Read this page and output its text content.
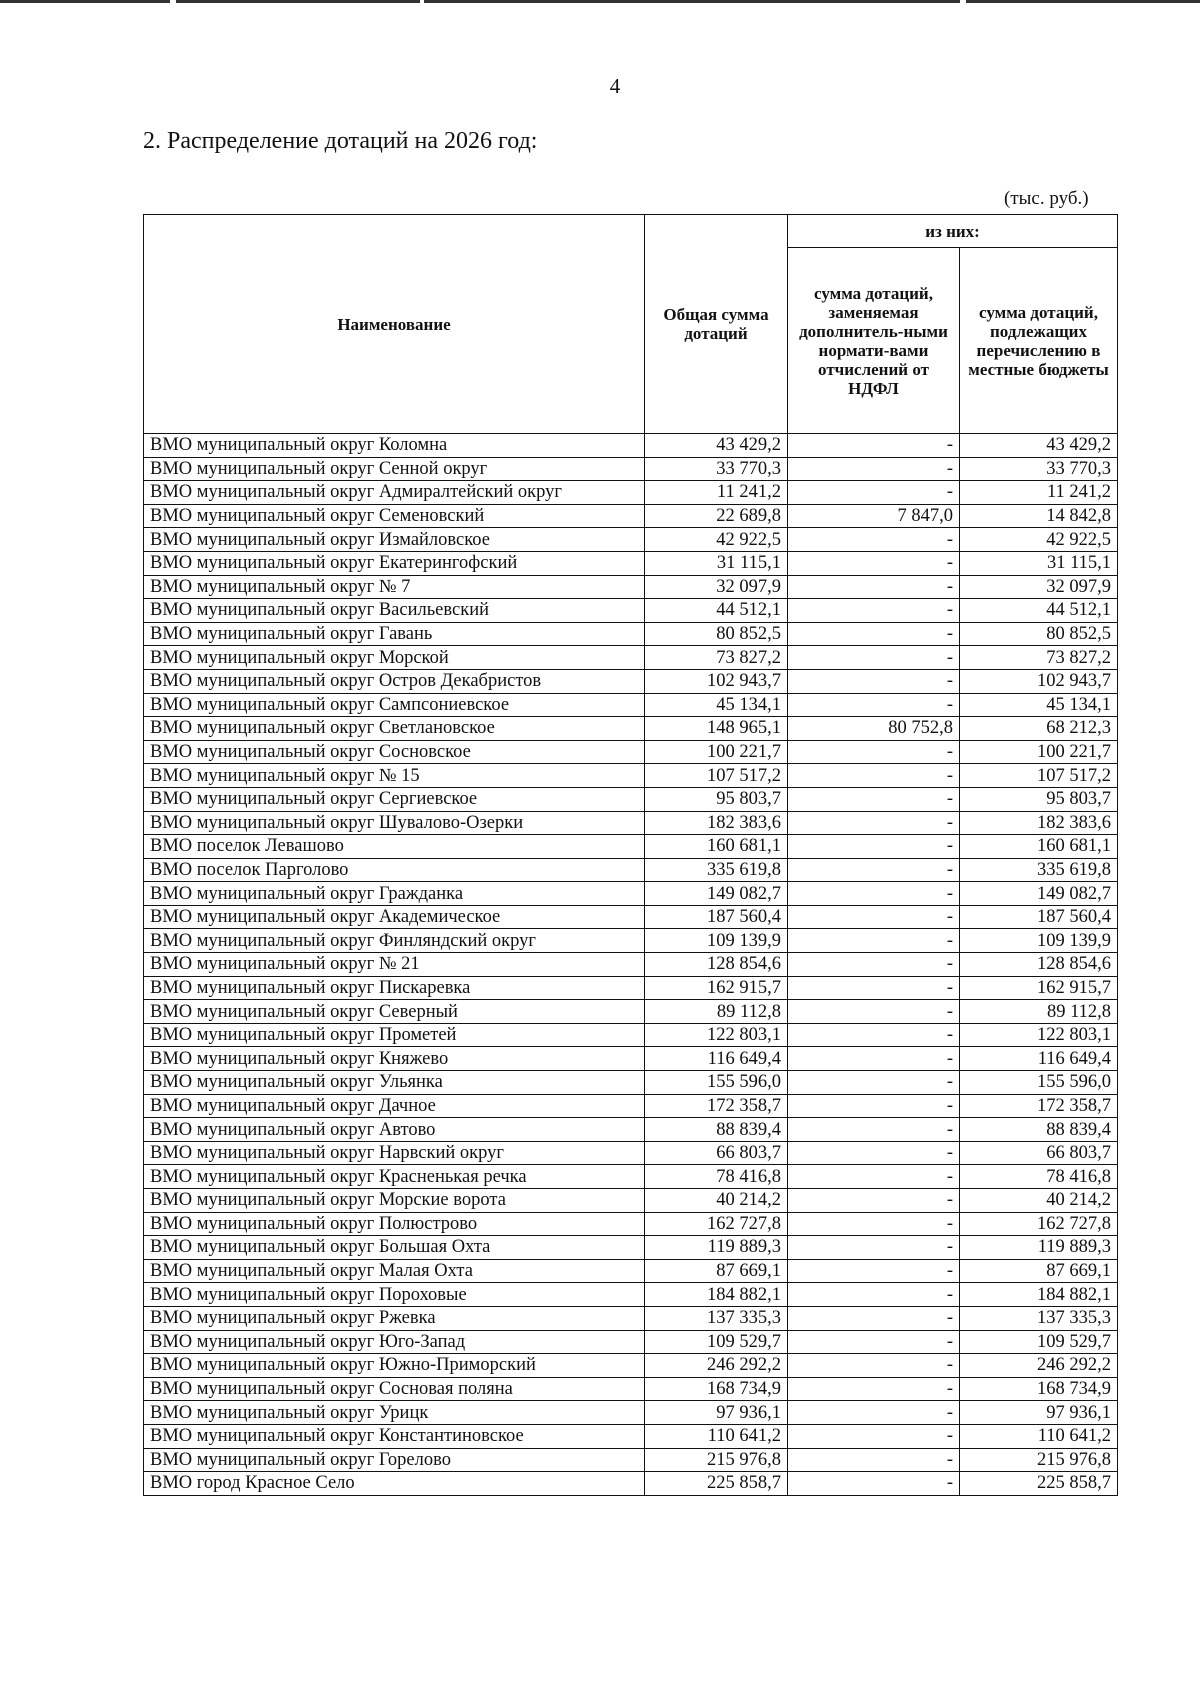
4
2. Распределение дотаций на 2026 год:
(тыс. руб.)
Наименование	Общая сумма дотаций	из них:	
		сумма дотаций, заменяемая дополнитель-ными нормати-вами отчислений от НДФЛ	сумма дотаций, подлежащих перечислению в местные бюджеты
ВМО муниципальный округ Коломна	43 429,2	-	43 429,2
ВМО муниципальный округ Сенной округ	33 770,3	-	33 770,3
ВМО муниципальный округ Адмиралтейский округ	11 241,2	-	11 241,2
ВМО муниципальный округ Семеновский	22 689,8	7 847,0	14 842,8
ВМО муниципальный округ Измайловское	42 922,5	-	42 922,5
ВМО муниципальный округ Екатерингофский	31 115,1	-	31 115,1
ВМО муниципальный округ № 7	32 097,9	-	32 097,9
ВМО муниципальный округ Васильевский	44 512,1	-	44 512,1
ВМО муниципальный округ Гавань	80 852,5	-	80 852,5
ВМО муниципальный округ Морской	73 827,2	-	73 827,2
ВМО муниципальный округ Остров Декабристов	102 943,7	-	102 943,7
ВМО муниципальный округ Сампсониевское	45 134,1	-	45 134,1
ВМО муниципальный округ Светлановское	148 965,1	80 752,8	68 212,3
ВМО муниципальный округ Сосновское	100 221,7	-	100 221,7
ВМО муниципальный округ № 15	107 517,2	-	107 517,2
ВМО муниципальный округ Сергиевское	95 803,7	-	95 803,7
ВМО муниципальный округ Шувалово-Озерки	182 383,6	-	182 383,6
ВМО поселок Левашово	160 681,1	-	160 681,1
ВМО поселок Парголово	335 619,8	-	335 619,8
ВМО муниципальный округ Гражданка	149 082,7	-	149 082,7
ВМО муниципальный округ Академическое	187 560,4	-	187 560,4
ВМО муниципальный округ Финляндский округ	109 139,9	-	109 139,9
ВМО муниципальный округ № 21	128 854,6	-	128 854,6
ВМО муниципальный округ Пискаревка	162 915,7	-	162 915,7
ВМО муниципальный округ Северный	89 112,8	-	89 112,8
ВМО муниципальный округ Прометей	122 803,1	-	122 803,1
ВМО муниципальный округ Княжево	116 649,4	-	116 649,4
ВМО муниципальный округ Ульянка	155 596,0	-	155 596,0
ВМО муниципальный округ Дачное	172 358,7	-	172 358,7
ВМО муниципальный округ Автово	88 839,4	-	88 839,4
ВМО муниципальный округ Нарвский округ	66 803,7	-	66 803,7
ВМО муниципальный округ Красненькая речка	78 416,8	-	78 416,8
ВМО муниципальный округ Морские ворота	40 214,2	-	40 214,2
ВМО муниципальный округ Полюстрово	162 727,8	-	162 727,8
ВМО муниципальный округ Большая Охта	119 889,3	-	119 889,3
ВМО муниципальный округ Малая Охта	87 669,1	-	87 669,1
ВМО муниципальный округ Пороховые	184 882,1	-	184 882,1
ВМО муниципальный округ Ржевка	137 335,3	-	137 335,3
ВМО муниципальный округ Юго-Запад	109 529,7	-	109 529,7
ВМО муниципальный округ Южно-Приморский	246 292,2	-	246 292,2
ВМО муниципальный округ Сосновая поляна	168 734,9	-	168 734,9
ВМО муниципальный округ Урицк	97 936,1	-	97 936,1
ВМО муниципальный округ Константиновское	110 641,2	-	110 641,2
ВМО муниципальный округ Горелово	215 976,8	-	215 976,8
ВМО город Красное Село	225 858,7	-	225 858,7
